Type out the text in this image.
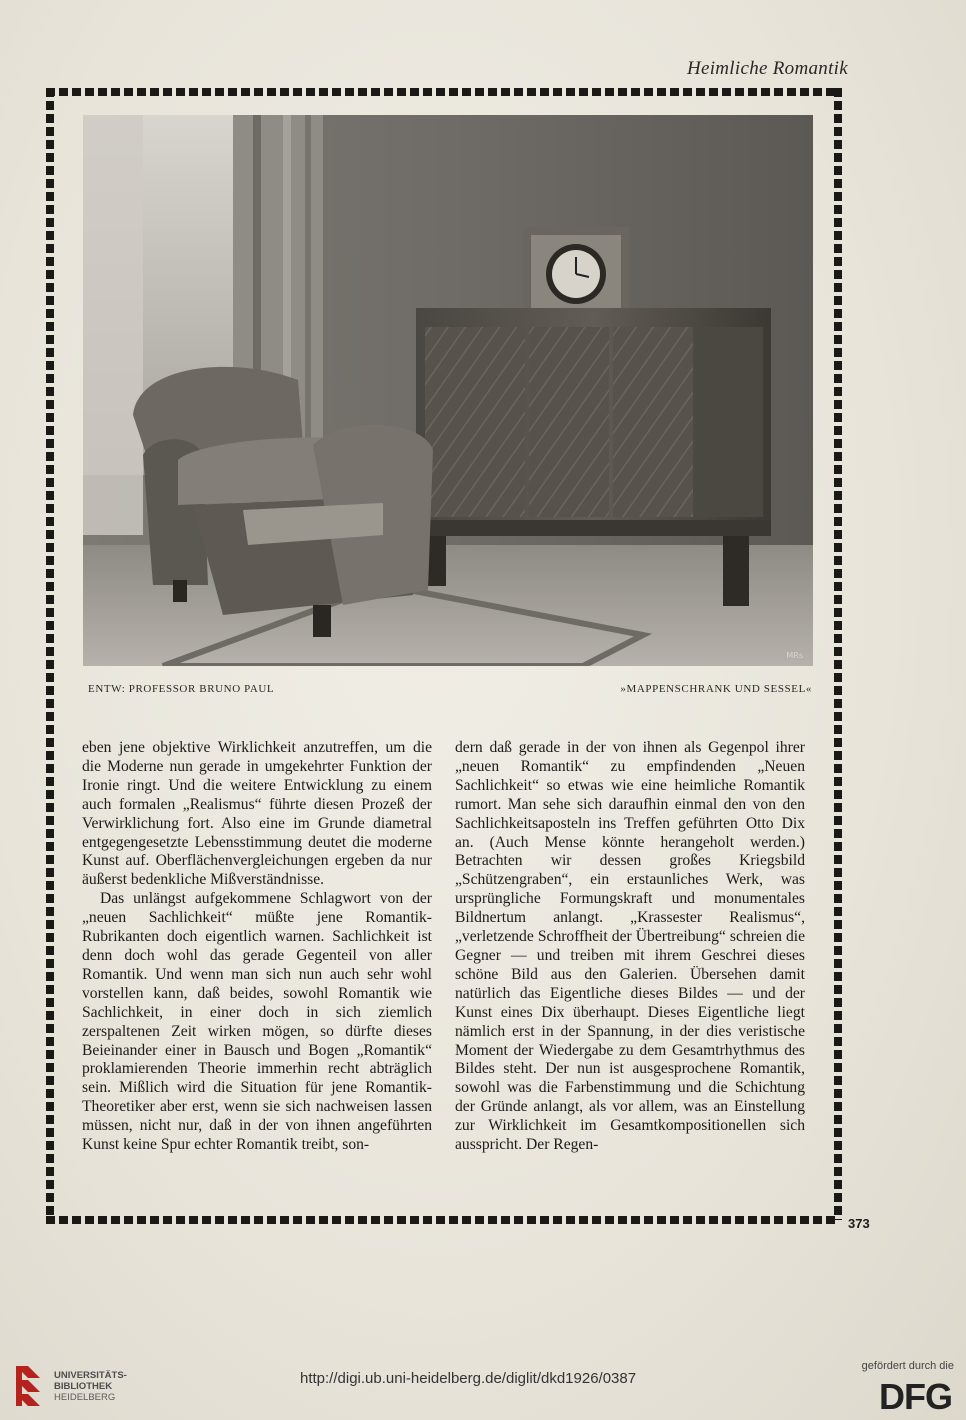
Heimliche Romantik
MRs
ENTW: PROFESSOR BRUNO PAUL	»MAPPENSCHRANK UND SESSEL«

eben jene objektive Wirklichkeit anzutreffen, um die die Moderne nun gerade in umgekehrter Funktion der Ironie ringt. Und die weitere Entwicklung zu einem auch formalen „Realismus“ führte diesen Prozeß der Verwirklichung fort. Also eine im Grunde diametral entgegengesetzte Lebensstimmung deutet die moderne Kunst auf. Oberflächenvergleichungen ergeben da nur äußerst bedenkliche Mißverständnisse.

Das unlängst aufgekommene Schlagwort von der „neuen Sachlichkeit“ müßte jene Romantik-Rubrikanten doch eigentlich warnen. Sachlichkeit ist denn doch wohl das gerade Gegenteil von aller Romantik. Und wenn man sich nun auch sehr wohl vorstellen kann, daß beides, sowohl Romantik wie Sachlichkeit, in einer doch in sich ziemlich zerspaltenen Zeit wirken mögen, so dürfte dieses Beieinander einer in Bausch und Bogen „Romantik“ proklamierenden Theorie immerhin recht abträglich sein. Mißlich wird die Situation für jene Romantik-Theoretiker aber erst, wenn sie sich nachweisen lassen müssen, nicht nur, daß in der von ihnen angeführten Kunst keine Spur echter Romantik treibt, son-

dern daß gerade in der von ihnen als Gegenpol ihrer „neuen Romantik“ zu empfindenden „Neuen Sachlichkeit“ so etwas wie eine heimliche Romantik rumort. Man sehe sich daraufhin einmal den von den Sachlichkeitsaposteln ins Treffen geführten Otto Dix an. (Auch Mense könnte herangeholt werden.) Betrachten wir dessen großes Kriegsbild „Schützengraben“, ein erstaunliches Werk, was ursprüngliche Formungskraft und monumentales Bildnertum anlangt. „Krassester Realismus“, „verletzende Schroffheit der Übertreibung“ schreien die Gegner — und treiben mit ihrem Geschrei dieses schöne Bild aus den Galerien. Übersehen damit natürlich das Eigentliche dieses Bildes — und der Kunst eines Dix überhaupt. Dieses Eigentliche liegt nämlich erst in der Spannung, in der dies veristische Moment der Wiedergabe zu dem Gesamtrhythmus des Bildes steht. Der nun ist ausgesprochene Romantik, sowohl was die Farbenstimmung und die Schichtung der Gründe anlangt, als vor allem, was an Einstellung zur Wirklichkeit im Gesamtkompositionellen sich ausspricht. Der Regen-

373
UNIVERSITÄTS-
BIBLIOTHEK
HEIDELBERG
http://digi.ub.uni-heidelberg.de/diglit/dkd1926/0387
gefördert durch die
DFG
